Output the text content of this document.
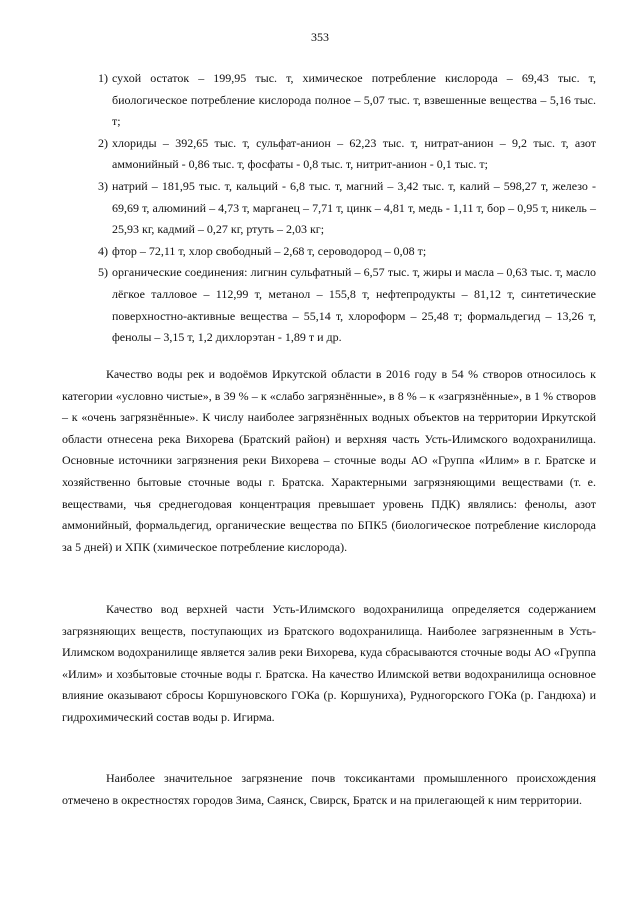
353
1) сухой остаток – 199,95 тыс. т, химическое потребление кислорода – 69,43 тыс. т, биологическое потребление кислорода полное – 5,07 тыс. т, взвешенные вещества – 5,16 тыс. т;
2) хлориды – 392,65 тыс. т, сульфат-анион – 62,23 тыс. т, нитрат-анион – 9,2 тыс. т, азот аммонийный - 0,86 тыс. т, фосфаты - 0,8 тыс. т, нитрит-анион - 0,1 тыс. т;
3) натрий – 181,95 тыс. т, кальций - 6,8 тыс. т, магний – 3,42 тыс. т, калий – 598,27 т, железо - 69,69 т, алюминий – 4,73 т, марганец – 7,71 т, цинк – 4,81 т, медь - 1,11 т, бор – 0,95 т, никель – 25,93 кг, кадмий – 0,27 кг, ртуть – 2,03 кг;
4) фтор – 72,11 т, хлор свободный – 2,68 т, сероводород – 0,08 т;
5) органические соединения: лигнин сульфатный – 6,57 тыс. т, жиры и масла – 0,63 тыс. т, масло лёгкое талловое – 112,99 т, метанол – 155,8 т, нефтепродукты – 81,12 т, синтетические поверхностно-активные вещества – 55,14 т, хлороформ – 25,48 т; формальдегид – 13,26 т, фенолы – 3,15 т, 1,2 дихлорэтан - 1,89 т и др.

Качество воды рек и водоёмов Иркутской области в 2016 году в 54 % створов относилось к категории «условно чистые», в 39 % – к «слабо загрязнённые», в 8 % – к «загрязнённые», в 1 % створов – к «очень загрязнённые». К числу наиболее загрязнённых водных объектов на территории Иркутской области отнесена река Вихорева (Братский район) и верхняя часть Усть-Илимского водохранилища. Основные источники загрязнения реки Вихорева – сточные воды АО «Группа «Илим» в г. Братске и хозяйственно бытовые сточные воды г. Братска. Характерными загрязняющими веществами (т. е. веществами, чья среднегодовая концентрация превышает уровень ПДК) являлись: фенолы, азот аммонийный, формальдегид, органические вещества по БПК5 (биологическое потребление кислорода за 5 дней) и ХПК (химическое потребление кислорода).

Качество вод верхней части Усть-Илимского водохранилища определяется содержанием загрязняющих веществ, поступающих из Братского водохранилища. Наиболее загрязненным в Усть-Илимском водохранилище является залив реки Вихорева, куда сбрасываются сточные воды АО «Группа «Илим» и хозбытовые сточные воды г. Братска. На качество Илимской ветви водохранилища основное влияние оказывают сбросы Коршуновского ГОКа (р. Коршуниха), Рудногорского ГОКа (р. Гандюха) и гидрохимический состав воды р. Игирма.

Наиболее значительное загрязнение почв токсикантами промышленного происхождения отмечено в окрестностях городов Зима, Саянск, Свирск, Братск и на прилегающей к ним территории.
